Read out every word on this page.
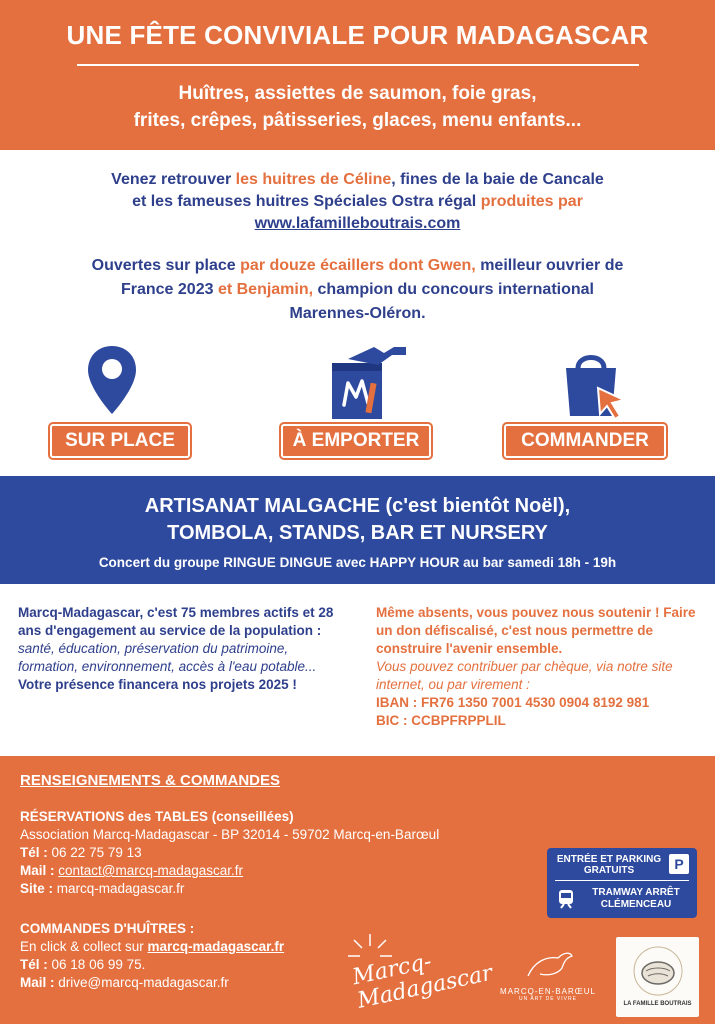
UNE FÊTE CONVIVIALE POUR MADAGASCAR

Huîtres, assiettes de saumon, foie gras,
frites, crêpes, pâtisseries, glaces, menu enfants...

Venez retrouver les huitres de Céline, fines de la baie de Cancale
et les fameuses huitres Spéciales Ostra régal produites par
www.lafamilleboutrais.com

Ouvertes sur place par douze écaillers dont Gwen, meilleur ouvrier de
France 2023 et Benjamin, champion du concours international
Marennes-Oléron.

SUR PLACE	À EMPORTER	COMMANDER
ARTISANAT MALGACHE (c'est bientôt Noël),
TOMBOLA, STANDS, BAR ET NURSERY

Concert du groupe RINGUE DINGUE avec HAPPY HOUR au bar samedi 18h - 19h

Marcq-Madagascar, c'est 75 membres actifs et 28 ans d'engagement au service de la population :
santé, éducation, préservation du patrimoine, formation, environnement, accès à l'eau potable...
Votre présence financera nos projets 2025 !
Même absents, vous pouvez nous soutenir ! Faire un don défiscalisé, c'est nous permettre de construire l'avenir ensemble.
Vous pouvez contribuer par chèque, via notre site internet, ou par virement :
IBAN : FR76 1350 7001 4530 0904 8192 981
BIC : CCBPFRPPLIL
RENSEIGNEMENTS & COMMANDES
RÉSERVATIONS des TABLES (conseillées)
Association Marcq-Madagascar - BP 32014 - 59702 Marcq-en-Barœul
Tél : 06 22 75 79 13
Mail : contact@marcq-madagascar.fr
Site : marcq-madagascar.fr
COMMANDES D'HUÎTRES :
En click & collect sur marcq-madagascar.fr
Tél : 06 18 06 99 75.
Mail : drive@marcq-madagascar.fr	Marcq-Madagascar MARCQ-EN-BARŒUL
UN ART DE VIVRE
ENTRÉE ET PARKING GRATUITS	P
TRAMWAY ARRÊT CLÉMENCEAU
LA FAMILLE BOUTRAIS
